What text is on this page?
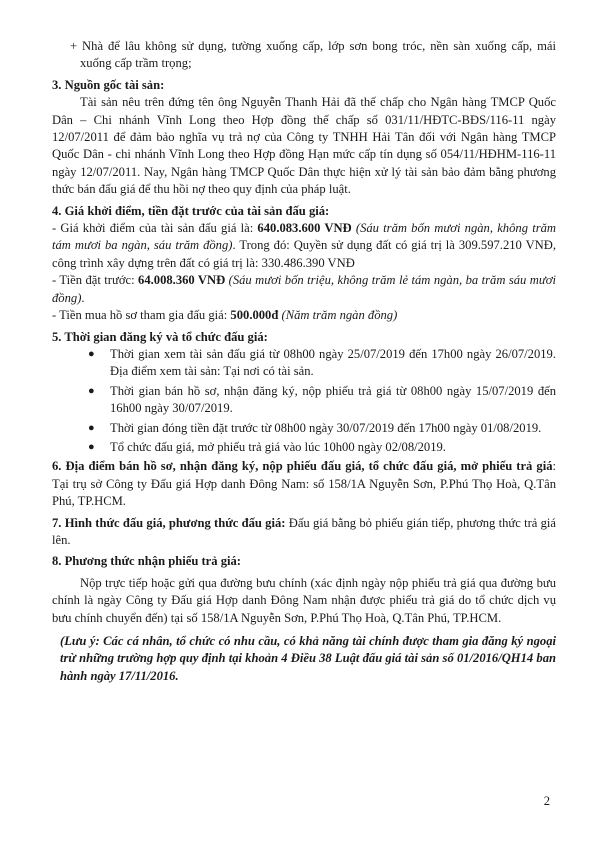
+ Nhà để lâu không sử dụng, tường xuống cấp, lớp sơn bong tróc, nền sàn xuống cấp, mái xuống cấp trầm trọng;

3. Nguồn gốc tài sản:

Tài sản nêu trên đứng tên ông Nguyễn Thanh Hải đã thế chấp cho Ngân hàng TMCP Quốc Dân – Chi nhánh Vĩnh Long theo Hợp đồng thế chấp số 031/11/HĐTC-BĐS/116-11 ngày 12/07/2011 để đảm bảo nghĩa vụ trả nợ của Công ty TNHH Hải Tân đối với Ngân hàng TMCP Quốc Dân - chi nhánh Vĩnh Long theo Hợp đồng Hạn mức cấp tín dụng số 054/11/HĐHM-116-11 ngày 12/07/2011. Nay, Ngân hàng TMCP Quốc Dân thực hiện xử lý tài sản bảo đảm bằng phương thức bán đấu giá để thu hồi nợ theo quy định của pháp luật.

4. Giá khởi điểm, tiền đặt trước của tài sản đấu giá:

- Giá khởi điểm của tài sản đấu giá là: 640.083.600 VNĐ (Sáu trăm bốn mươi ngàn, không trăm tám mươi ba ngàn, sáu trăm đồng). Trong đó: Quyền sử dụng đất có giá trị là 309.597.210 VNĐ, công trình xây dựng trên đất có giá trị là: 330.486.390 VNĐ

- Tiền đặt trước: 64.008.360 VNĐ (Sáu mươi bốn triệu, không trăm lẻ tám ngàn, ba trăm sáu mươi đồng).

- Tiền mua hồ sơ tham gia đấu giá: 500.000đ (Năm trăm ngàn đồng)

5. Thời gian đăng ký và tổ chức đấu giá:

● Thời gian xem tài sản đấu giá từ 08h00 ngày 25/07/2019 đến 17h00 ngày 26/07/2019. Địa điểm xem tài sản: Tại nơi có tài sản.
● Thời gian bán hồ sơ, nhận đăng ký, nộp phiếu trả giá từ 08h00 ngày 15/07/2019 đến 16h00 ngày 30/07/2019.
● Thời gian đóng tiền đặt trước từ 08h00 ngày 30/07/2019 đến 17h00 ngày 01/08/2019.
● Tổ chức đấu giá, mở phiếu trả giá vào lúc 10h00 ngày 02/08/2019.

6. Địa điểm bán hồ sơ, nhận đăng ký, nộp phiếu đấu giá, tổ chức đấu giá, mở phiếu trả giá: Tại trụ sở Công ty Đấu giá Hợp danh Đông Nam: số 158/1A Nguyễn Sơn, P.Phú Thọ Hoà, Q.Tân Phú, TP.HCM.

7. Hình thức đấu giá, phương thức đấu giá: Đấu giá bằng bỏ phiếu gián tiếp, phương thức trả giá lên.

8. Phương thức nhận phiếu trả giá:

Nộp trực tiếp hoặc gửi qua đường bưu chính (xác định ngày nộp phiếu trả giá qua đường bưu chính là ngày Công ty Đấu giá Hợp danh Đông Nam nhận được phiếu trả giá do tổ chức dịch vụ bưu chính chuyển đến) tại số 158/1A Nguyễn Sơn, P.Phú Thọ Hoà, Q.Tân Phú, TP.HCM.

(Lưu ý: Các cá nhân, tổ chức có nhu cầu, có khả năng tài chính được tham gia đăng ký ngoại trừ những trường hợp quy định tại khoản 4 Điều 38 Luật đấu giá tài sản số 01/2016/QH14 ban hành ngày 17/11/2016.

2
